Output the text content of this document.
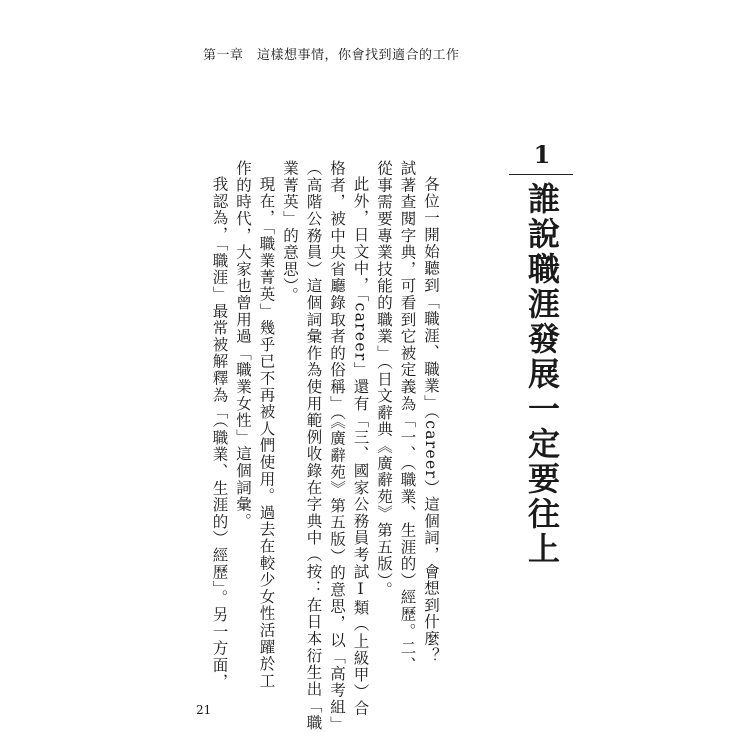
第一章　這樣想事情，你會找到適合的工作
1
誰說職涯發展一定要往上
各位一開始聽到「職涯、職業」（career）這個詞，會想到什麼？
試著查閱字典，可看到它被定義為「一、（職業、生涯的）經歷。二、
從事需要專業技能的職業」（日文辭典《廣辭苑》第五版）。
此外，日文中，「career」還有「三、國家公務員考試Ⅰ類（上級甲）合
格者，被中央省廳錄取者的俗稱」（《廣辭苑》第五版）的意思，以「高考組」
（高階公務員）這個詞彙作為使用範例收錄在字典中（按：在日本衍生出「職
業菁英」的意思）。
現在，「職業菁英」幾乎已不再被人們使用。過去在較少女性活躍於工
作的時代，大家也曾用過「職業女性」這個詞彙。
我認為，「職涯」最常被解釋為「（職業、生涯的）經歷」。另一方面，
21
